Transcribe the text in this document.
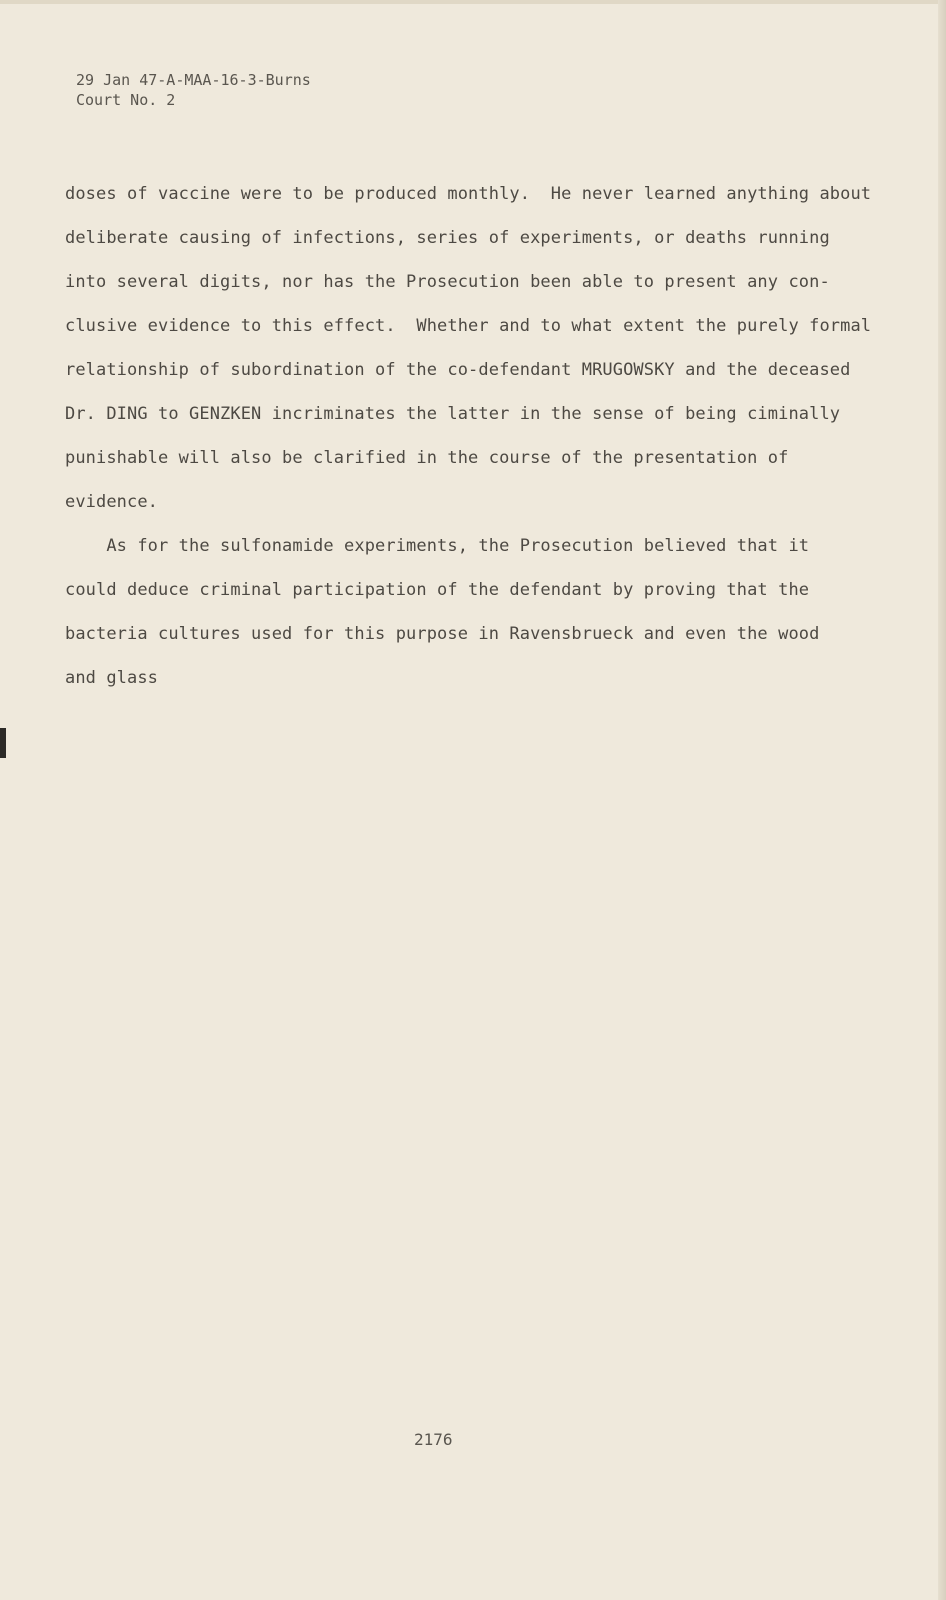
29 Jan 47-A-MAA-16-3-Burns
Court No. 2
doses of vaccine were to be produced monthly.  He never learned anything about
deliberate causing of infections, series of experiments, or deaths running
into several digits, nor has the Prosecution been able to present any con-
clusive evidence to this effect.  Whether and to what extent the purely formal
relationship of subordination of the co-defendant MRUGOWSKY and the deceased
Dr. DING to GENZKEN incriminates the latter in the sense of being ciminally
punishable will also be clarified in the course of the presentation of
evidence.
As for the sulfonamide experiments, the Prosecution believed that it
could deduce criminal participation of the defendant by proving that the
bacteria cultures used for this purpose in Ravensbrueck and even the wood
and glass
2176
